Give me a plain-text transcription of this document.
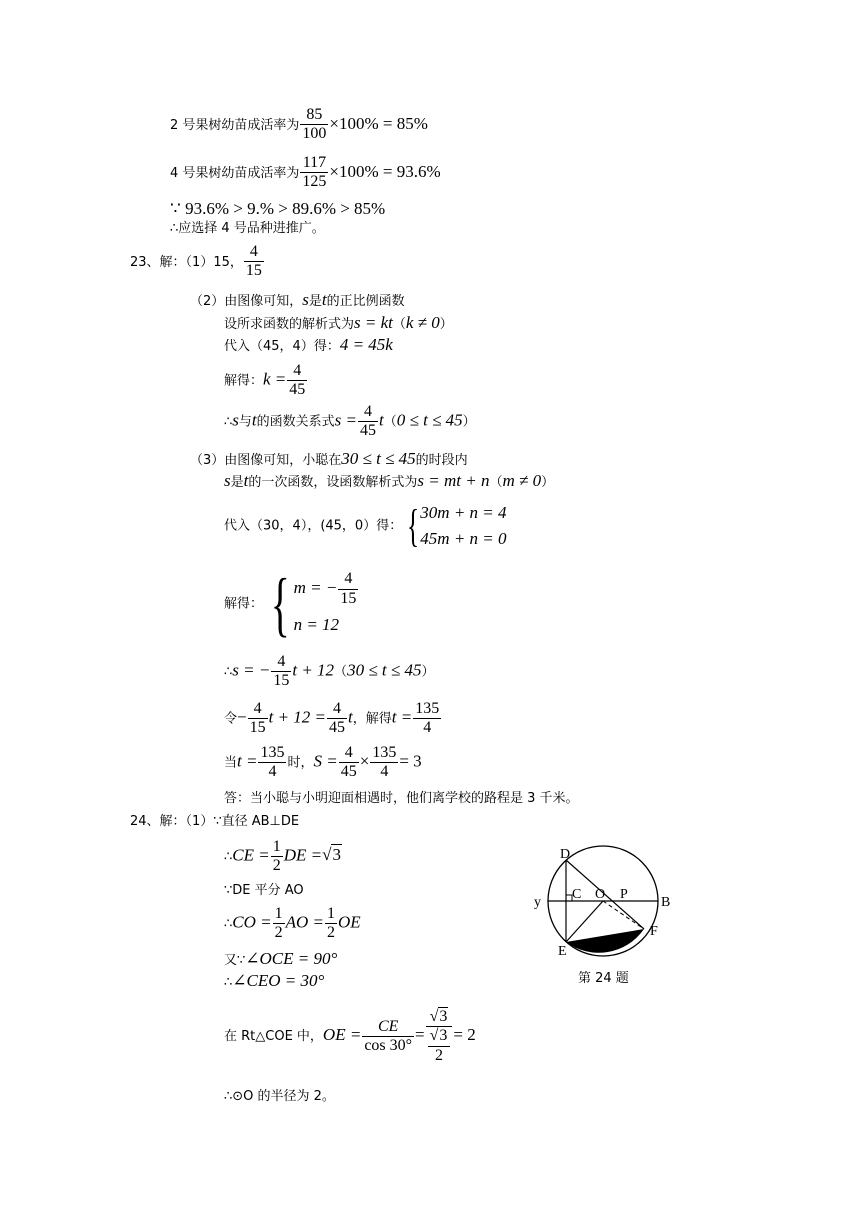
2 号果树幼苗成活率为 $\frac{85}{100} \times 100\% = 85\%$
4 号果树幼苗成活率为 $\frac{117}{125} \times 100\% = 93.6\%$
∵ 93.6% > 9.% > 89.6% > 85%
∴应选择 4 号品种进推广。
23、解：（1）15， $\frac{4}{15}$
（2）由图像可知，s是t的正比例函数
设所求函数的解析式为s = kt（k ≠ 0）
代入（45，4）得：4 = 45k
解得：$k = \frac{4}{45}$
∴s与t的函数关系式$s = \frac{4}{45} t(0 \le t \le 45)$
（3）由图像可知，小聪在30 ≤ t ≤ 45的时段内
s是t的一次函数，设函数解析式为s = mt + n（m ≠ 0）
代入（30，4），(45，0）得： { 30m + n = 4
45m + n = 0
解得： { m = − $\frac{4}{15}$
n = 12
∴s = − $\frac{4}{15}$ t + 12（30 ≤ t ≤ 45）
令− $\frac{4}{15}$ $t + 12 = \frac{4}{45}$ t，解得$t = \frac{135}{4}$
当$t = \frac{135}{4}$ 时，$S = \frac{4}{45} \times \frac{135}{4} = 3$
答：当小聪与小明迎面相遇时，他们离学校的路程是 3 千米。
24、解：（1）∵直径 AB⊥DE
∴CE = $\frac{1}{2}$ DE =√3
∵DE 平分 AO
∴CO = $\frac{1}{2}$ AO = $\frac{1}{2}$ OE
又∵∠OCE = 90°
∴∠CEO = 30°
在 Rt△COE 中，OE = $\frac{CE}{\cos 30^\circ} = \frac{√3}{\frac{√3}{2}} = 2$
∴⊙O 的半径为 2。
D
C O P
B
y
E
F
第 24 题
